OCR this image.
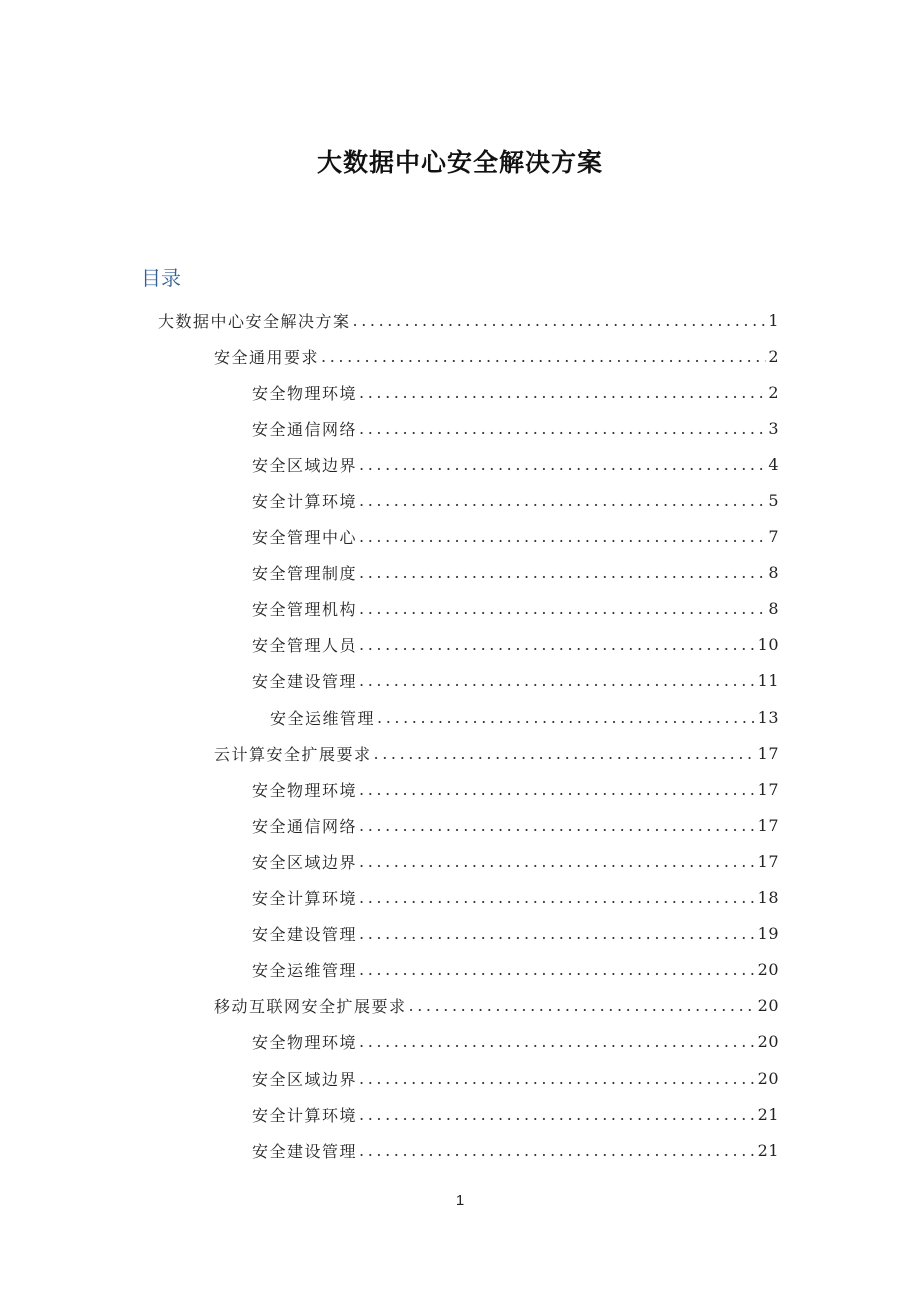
大数据中心安全解决方案
目录
大数据中心安全解决方案 .....	1
安全通用要求 .....	2
安全物理环境 .....	2
安全通信网络 .....	3
安全区域边界 .....	4
安全计算环境 .....	5
安全管理中心 .....	7
安全管理制度 .....	8
安全管理机构 .....	8
安全管理人员 .....	10
安全建设管理 .....	11
安全运维管理 .....	13
云计算安全扩展要求 .....	17
安全物理环境 .....	17
安全通信网络 .....	17
安全区域边界 .....	17
安全计算环境 .....	18
安全建设管理 .....	19
安全运维管理 .....	20
移动互联网安全扩展要求 .....	20
安全物理环境 .....	20
安全区域边界 .....	20
安全计算环境 .....	21
安全建设管理 .....	21
1
